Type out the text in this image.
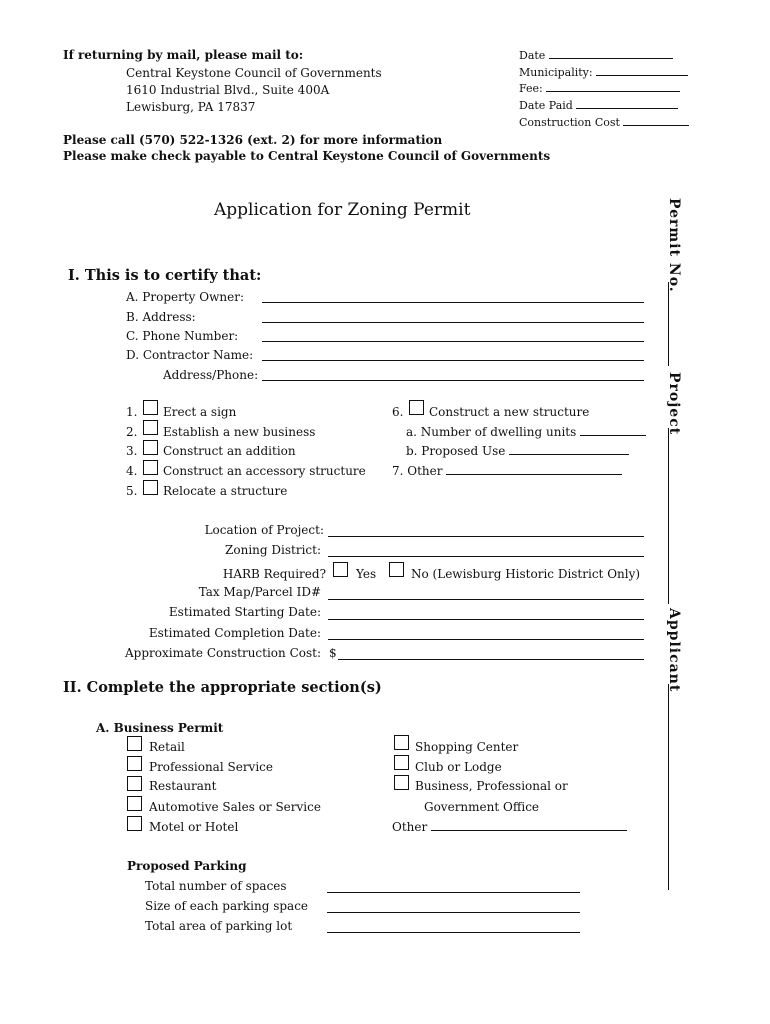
If returning by mail, please mail to:
Central Keystone Council of Governments
1610 Industrial Blvd., Suite 400A
Lewisburg, PA 17837
Date
Municipality:
Fee:
Date Paid
Construction Cost
Please call (570) 522-1326 (ext. 2) for more information
Please make check payable to Central Keystone Council of Governments
Application for Zoning Permit	Permit No.
Project
Applicant
I. This is to certify that:
A. Property Owner:
B. Address:
C. Phone Number:
D. Contractor Name:
Address/Phone:
1. Erect a sign
2. Establish a new business
3. Construct an addition
4. Construct an accessory structure
5. Relocate a structure
6. Construct a new structure
a. Number of dwelling units
b. Proposed Use
7. Other
Location of Project:
Zoning District:
HARB Required?	Yes	No (Lewisburg Historic District Only)
Tax Map/Parcel ID#
Estimated Starting Date:
Estimated Completion Date:
Approximate Construction Cost: $
II. Complete the appropriate section(s)
A. Business Permit
Retail
Professional Service
Restaurant
Automotive Sales or Service
Motel or Hotel
Shopping Center
Club or Lodge
Business, Professional or
Government Office
Other
Proposed Parking
Total number of spaces
Size of each parking space
Total area of parking lot
